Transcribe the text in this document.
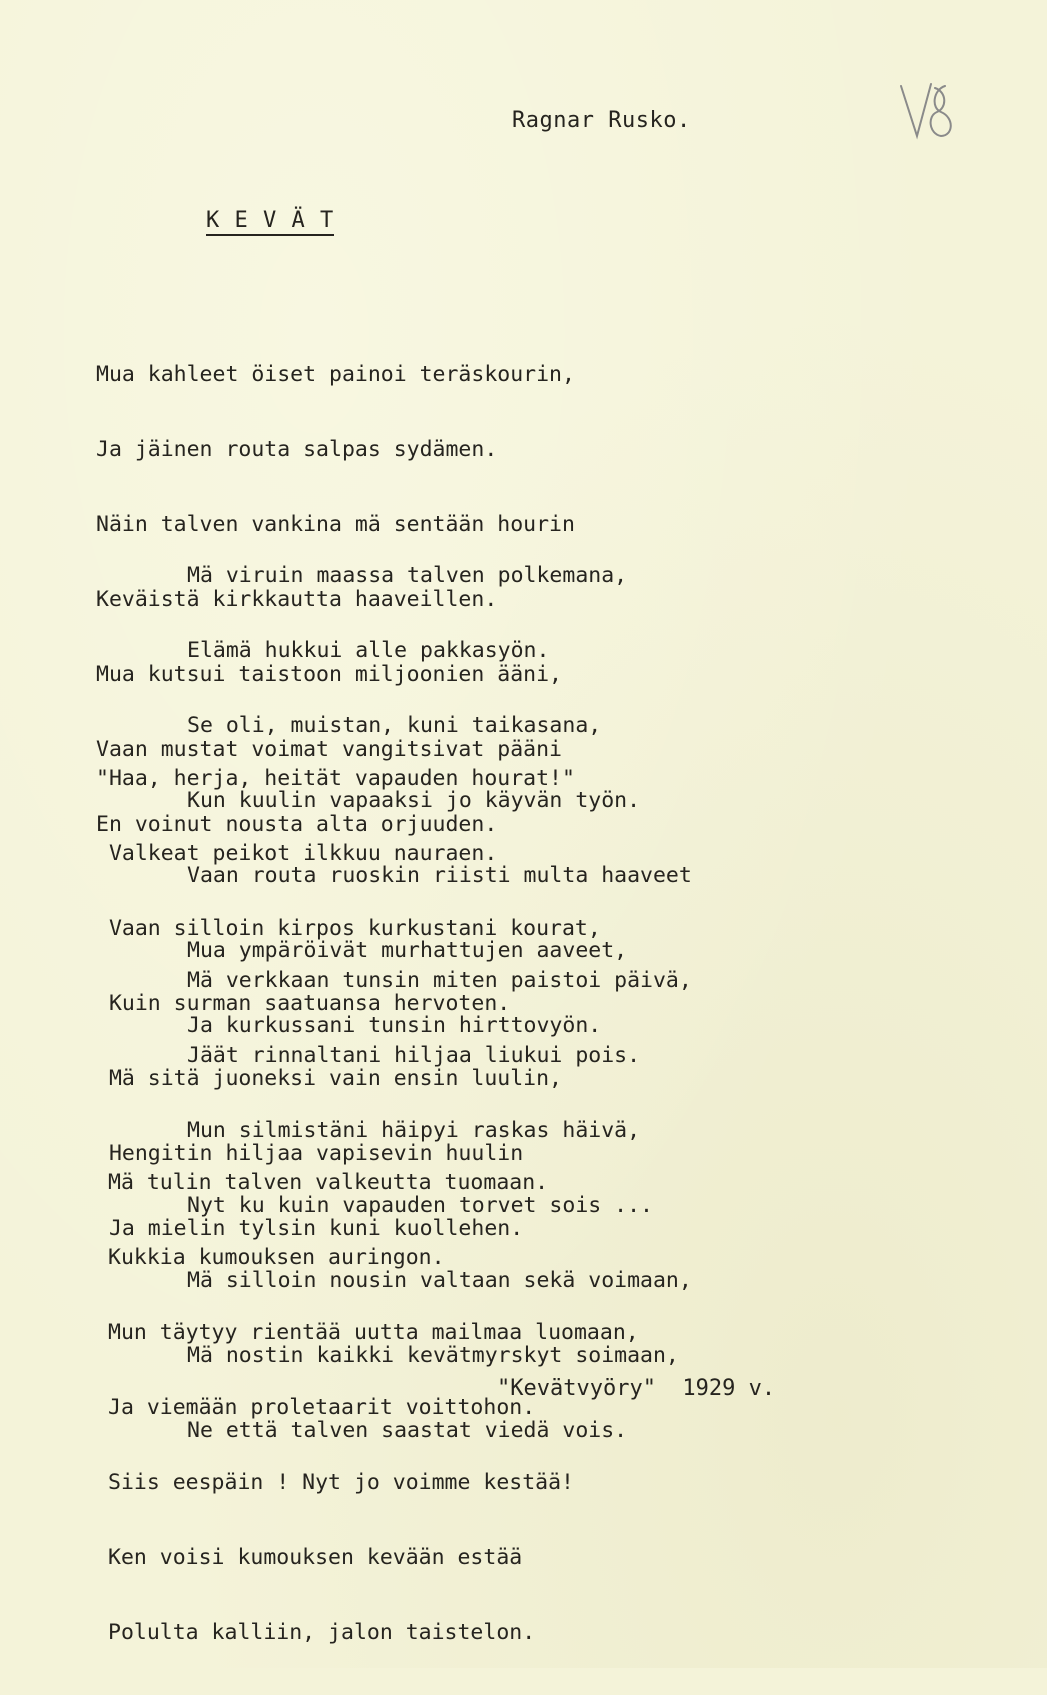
Ragnar Rusko.
K E V Ä T

Mua kahleet öiset painoi teräskourin,

Ja jäinen routa salpas sydämen.

Näin talven vankina mä sentään hourin

Keväistä kirkkautta haaveillen.

Mua kutsui taistoon miljoonien ääni,

Vaan mustat voimat vangitsivat pääni

En voinut nousta alta orjuuden.

Mä viruin maassa talven polkemana,

Elämä hukkui alle pakkasyön.

Se oli, muistan, kuni taikasana,

Kun kuulin vapaaksi jo käyvän työn.

Vaan routa ruoskin riisti multa haaveet

Mua ympäröivät murhattujen aaveet,

Ja kurkussani tunsin hirttovyön.

"Haa, herja, heität vapauden hourat!"

Valkeat peikot ilkkuu nauraen.

Vaan silloin kirpos kurkustani kourat,

Kuin surman saatuansa hervoten.

Mä sitä juoneksi vain ensin luulin,

Hengitin hiljaa vapisevin huulin

Ja mielin tylsin kuni kuollehen.

Mä verkkaan tunsin miten paistoi päivä,

Jäät rinnaltani hiljaa liukui pois.

Mun silmistäni häipyi raskas häivä,

Nyt ku kuin vapauden torvet sois ...

Mä silloin nousin valtaan sekä voimaan,

Mä nostin kaikki kevätmyrskyt soimaan,

Ne että talven saastat viedä vois.

Mä tulin talven valkeutta tuomaan.

Kukkia kumouksen auringon.

Mun täytyy rientää uutta mailmaa luomaan,

Ja viemään proletaarit voittohon.

Siis eespäin ! Nyt jo voimme kestää!

Ken voisi kumouksen kevään estää

Polulta kalliin, jalon taistelon.

"Kevätvyöry"  1929 v.
